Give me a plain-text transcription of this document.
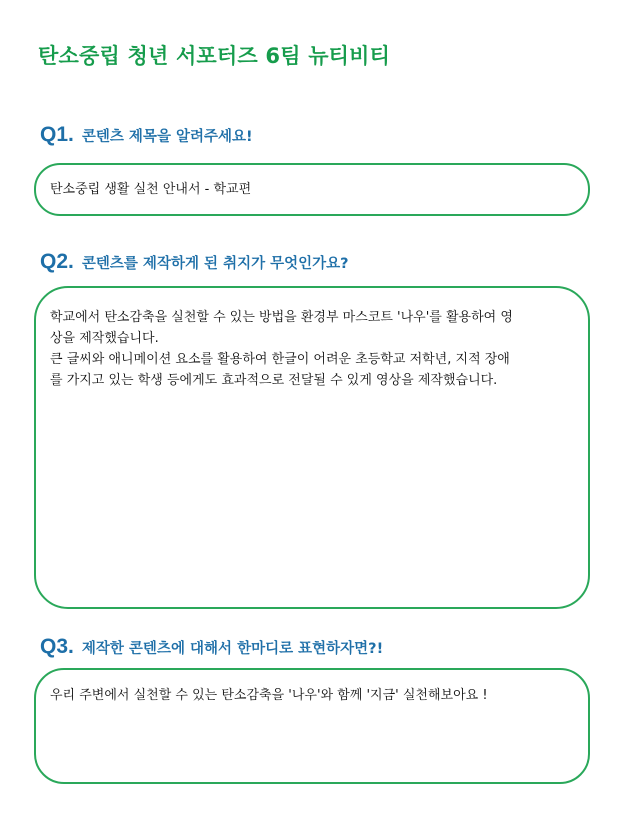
탄소중립 청년 서포터즈 6팀 뉴티비티
Q1. 콘텐츠 제목을 알려주세요!
탄소중립 생활 실천 안내서 - 학교편
Q2. 콘텐츠를 제작하게 된 취지가 무엇인가요?
학교에서 탄소감축을 실천할 수 있는 방법을 환경부 마스코트 '나우'를 활용하여 영
상을 제작했습니다.
큰 글씨와 애니메이션 요소를 활용하여 한글이 어려운 초등학교 저학년, 지적 장애
를 가지고 있는 학생 등에게도 효과적으로 전달될 수 있게 영상을 제작했습니다.
Q3. 제작한 콘텐츠에 대해서 한마디로 표현하자면?!
우리 주변에서 실천할 수 있는 탄소감축을 '나우'와 함께 '지금' 실천해보아요 !
